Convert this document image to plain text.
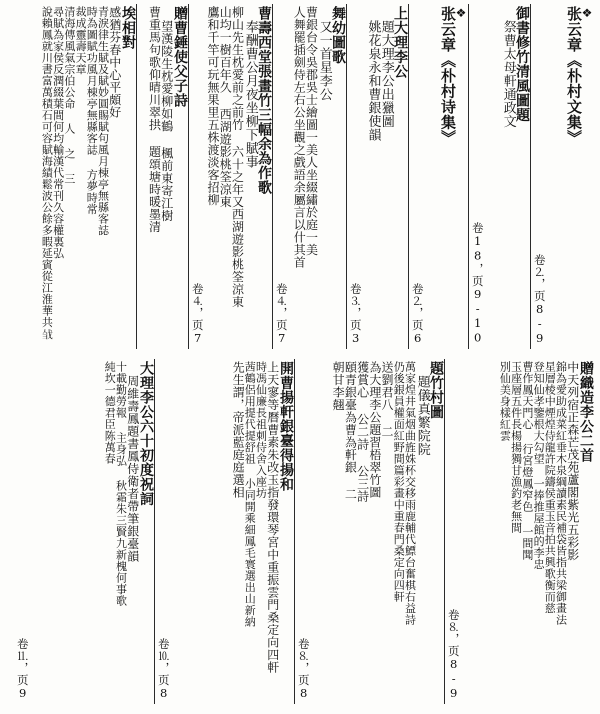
❖
张云章《朴村文集》
卷⒉，页8-9
御書修竹清風圖題
祭曹太母軒通政文
卷18，页9-10
❖
张云章《朴村诗集》
卷⒉，页6
上大理李公
題大理李公出獵圖
姚花泉永和曹銀使韻
卷⒊，页3
舞幼圖歌
又一首星李公
曹銀台令吳郡吳士繪圖一美人坐綴繡於庭一美
人舞罷插劍侍左右公坐觀之戲語余屬言以什其首
卷⒋，页7
曹壽西堂張畫竹三幅余為作歌
奉酬曹公月夜坐柳下賦事
柳山先生枕愛前之前竹 六十之年又西湖遊影桃筌涼東
山均一樹百年久 西湖遊影桃筌涼東
鷹和千竿可玩無果里五株渡淡客招柳
卷⒋，页7
贈曹錘使父子詩
望漢陵生枕愛柳如鶴 楓前東寄江樹
曹重馬句歌仰晴川翠拱 題頌塘時暖墨清
埃相對
感猶芬春中心平頗好
青淚律生賦及賦妙圓賜賦句風月棟亭無縣客誌
時為圖賦功風月棟亭無縣客誌 方夢時常
裁成靈壽天章
清海傳風氣宗伯公命 人 之 三
尋賦為家侯反潤綴葉間何均輸漢代常刊久容權裏弘
說賴鳳就川書富萬積石可容賦海績鬆波公餘多暇延賓從江淮華共𢦳
贈織造李公二首
中天列宿正森芒茂苑蘆閣紫光五彩影
錦為愛助成菜紅垂木泉綱讀素民補袋皆指共梁御畫法
星層棱中煙煌侍龍許院鑄侯重玉音拍共興歌衡而慈
登知仙孝鑒根大勾望 一捧推屋館的李忠
曹作鳳天門心 行宮燈鳳窄色 一間聞
玉座層五件長楊揚獨甘漁釣老無間
別仙美身樣紅雲
卷⒏，页8-9
題竹村圖
題儀真繁院院
萬家煌井氣烟曲旌姝杯交移雨鹿輔代鰾台奮棋右益詩
仍後銀員權面紅野間篇彩畫中重春門桑定向四軒
送劉君八 二
為大理李公題習梧翠竹圖
獲賞心 公二詩 公三詩
頤青銀臺為曹為軒銀 二
朝甘李翹
卷⒏，页8
開曹揚軒銀臺得揚和
上天寥等曆曹素朱改玉指發環琴宮中重振雲門桑定向四軒
時馮仙廉長祖刺侍舍入座坊
茜鶴侶用提代提舒祖 小同開乘細鳳毛寰選出山新納
先生謂，帝派藍庭庭選相
卷⒑，页8
大理李公六十初度祝詞
周維壽鳳題書鳳侍衛者帶筆銀臺韻
十載勤勞報 主身弘 秋霜朱三賢九新槐何事歌
純坎一德君臣陈萬春
卷⒒，页9
